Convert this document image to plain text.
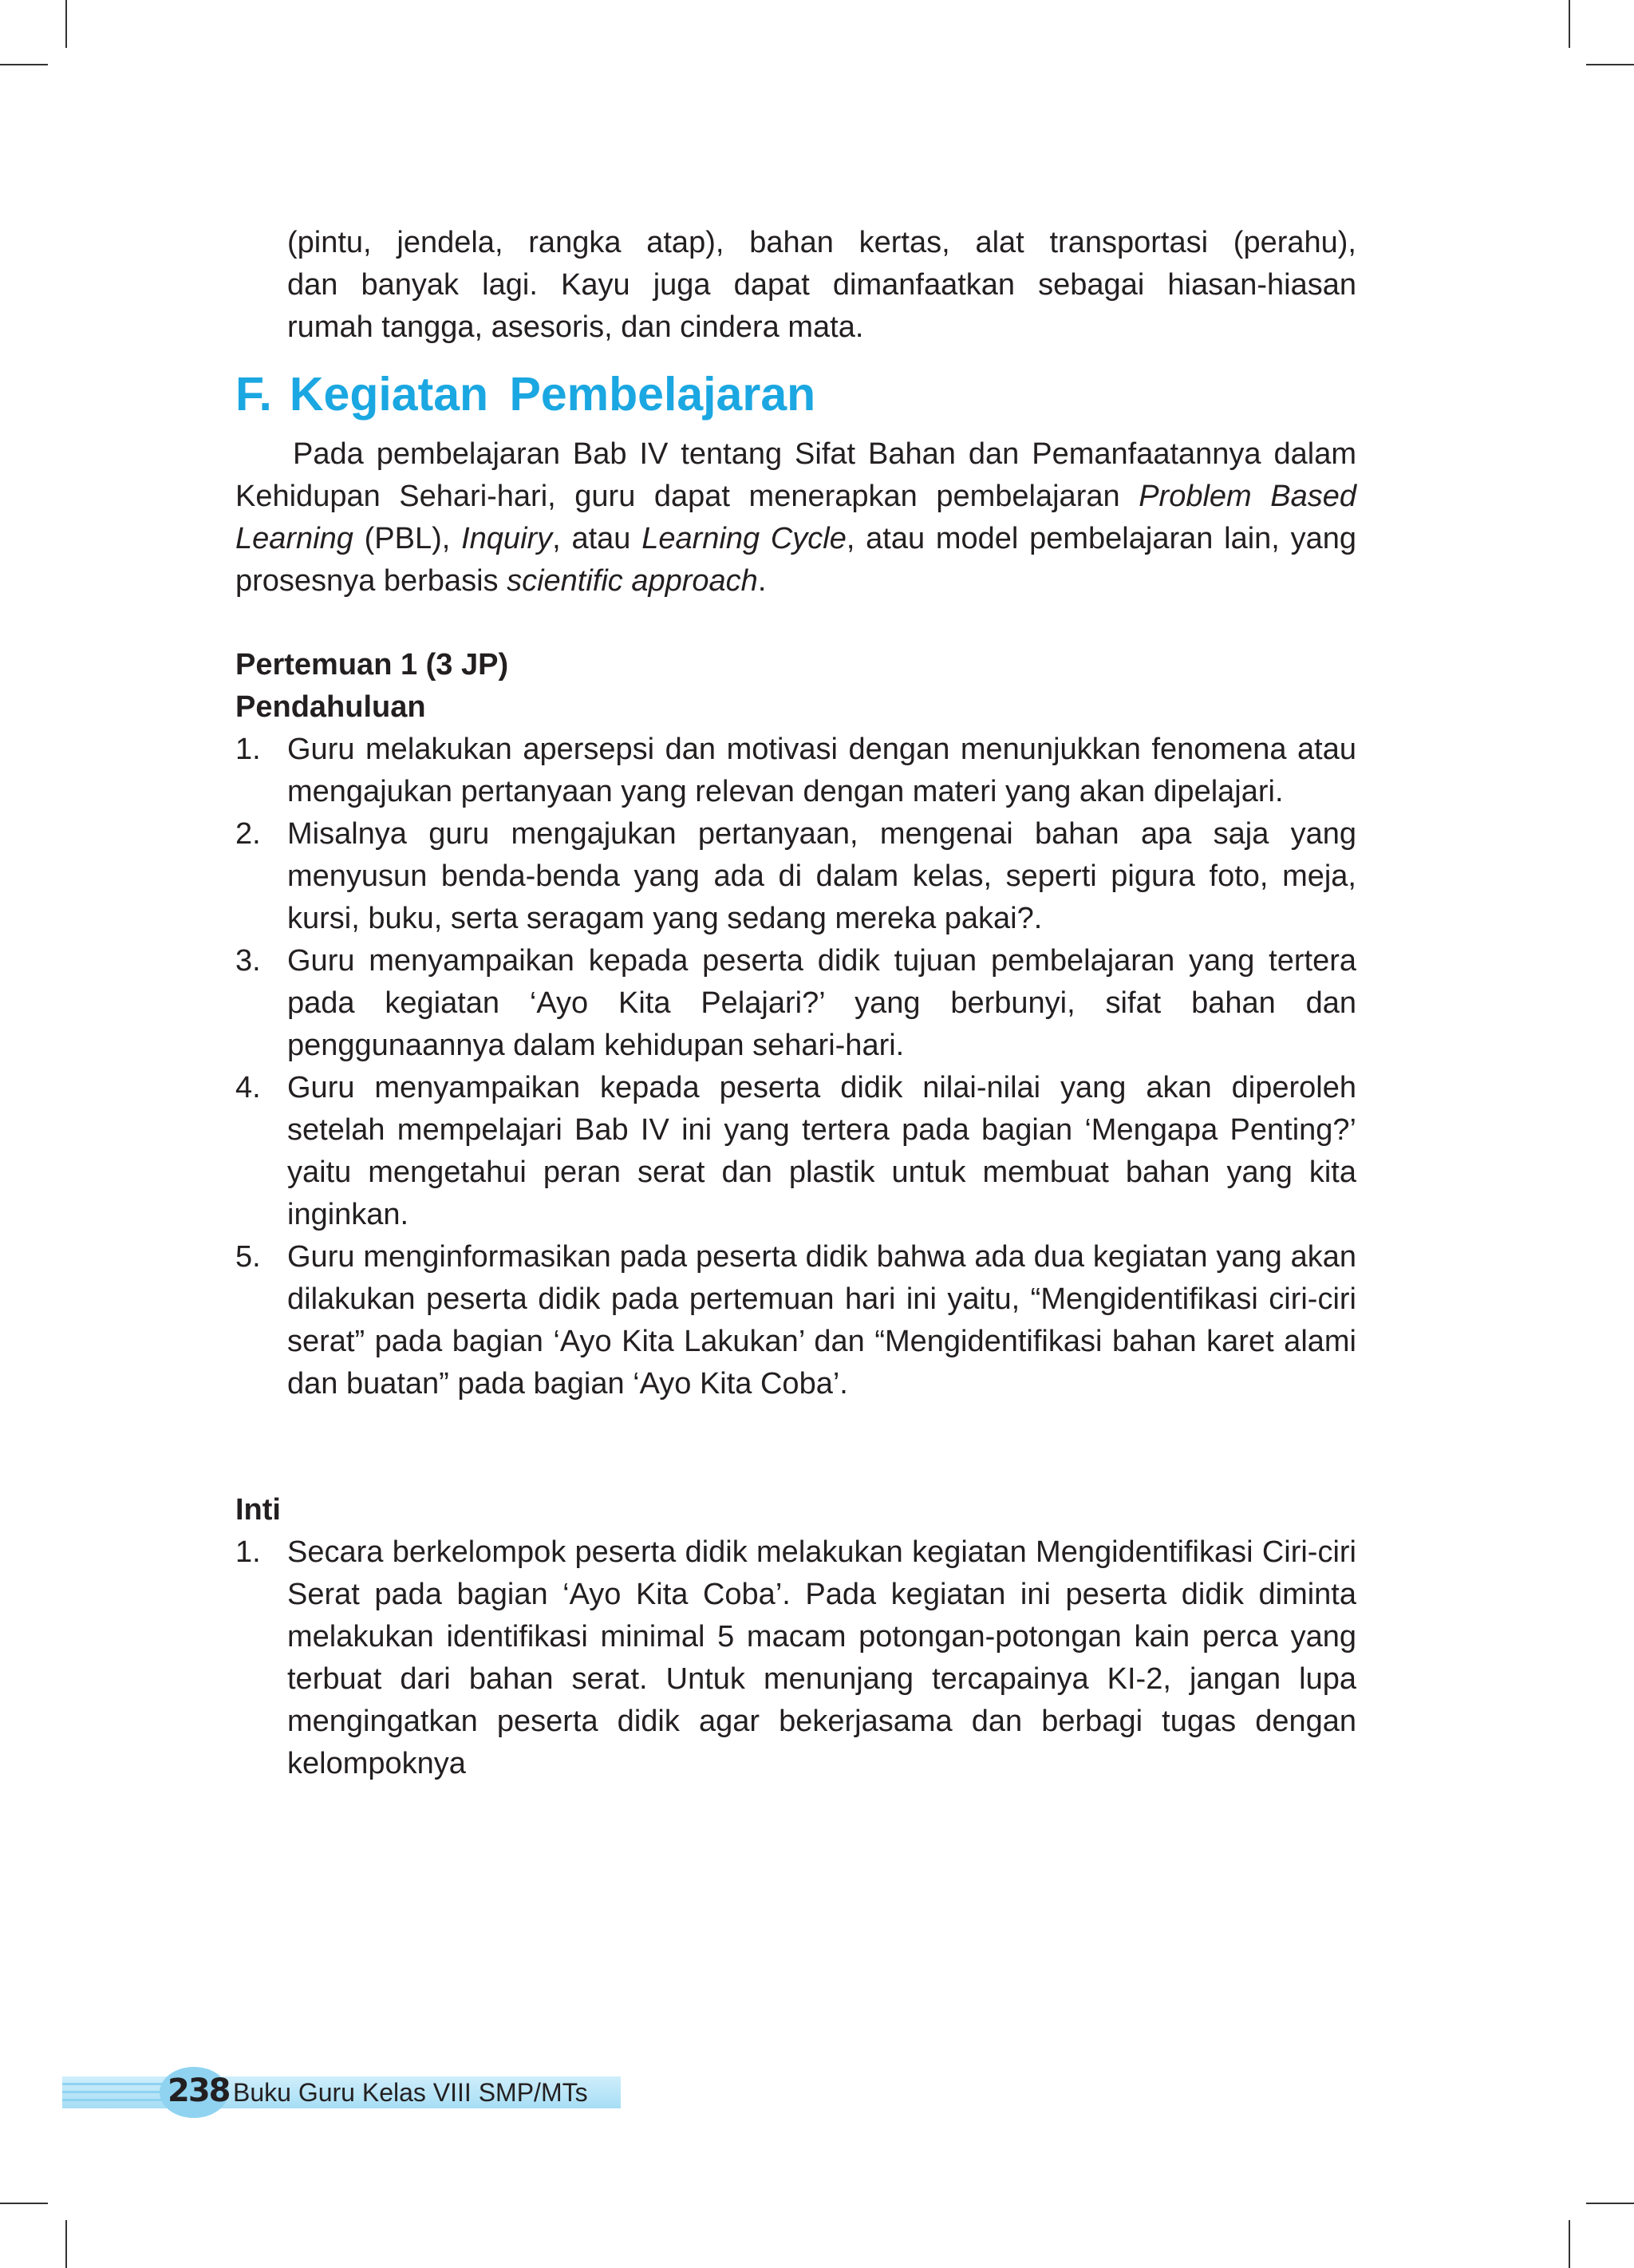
(pintu, jendela, rangka atap), bahan kertas, alat transportasi (perahu),

dan banyak lagi. Kayu juga dapat dimanfaatkan sebagai hiasan-hiasan

rumah tangga, asesoris, dan cindera mata.

F. Kegiatan Pembelajaran

Pada pembelajaran Bab IV tentang Sifat Bahan dan Pemanfaatannya dalam Kehidupan Sehari-hari, guru dapat menerapkan pembelajaran Problem Based Learning (PBL), Inquiry, atau Learning Cycle, atau model pembelajaran lain, yang prosesnya berbasis scientific approach.

Pertemuan 1 (3 JP)

Pendahuluan

1. Guru melakukan apersepsi dan motivasi dengan menunjukkan fenomena atau mengajukan pertanyaan yang relevan dengan materi yang akan dipelajari.
2. Misalnya guru mengajukan pertanyaan, mengenai bahan apa saja yang menyusun benda-benda yang ada di dalam kelas, seperti pigura foto, meja, kursi, buku, serta seragam yang sedang mereka pakai?.
3. Guru menyampaikan kepada peserta didik tujuan pembelajaran yang tertera pada kegiatan ‘Ayo Kita Pelajari?’ yang berbunyi, sifat bahan dan penggunaannya dalam kehidupan sehari-hari.
4. Guru menyampaikan kepada peserta didik nilai-nilai yang akan diperoleh setelah mempelajari Bab IV ini yang tertera pada bagian ‘Mengapa Penting?’ yaitu mengetahui peran serat dan plastik untuk membuat bahan yang kita inginkan.
5. Guru menginformasikan pada peserta didik bahwa ada dua kegiatan yang akan dilakukan peserta didik pada pertemuan hari ini yaitu, “Mengidentifikasi ciri-ciri serat” pada bagian ‘Ayo Kita Lakukan’ dan “Mengidentifikasi bahan karet alami dan buatan” pada bagian ‘Ayo Kita Coba’.

Inti

1. Secara berkelompok peserta didik melakukan kegiatan Mengidentifikasi Ciri-ciri Serat pada bagian ‘Ayo Kita Coba’. Pada kegiatan ini peserta didik diminta melakukan identifikasi minimal 5 macam potongan-potongan kain perca yang terbuat dari bahan serat. Untuk menunjang tercapainya KI-2, jangan lupa mengingatkan peserta didik agar bekerjasama dan berbagi tugas dengan kelompoknya
238 Buku Guru Kelas VIII SMP/MTs
